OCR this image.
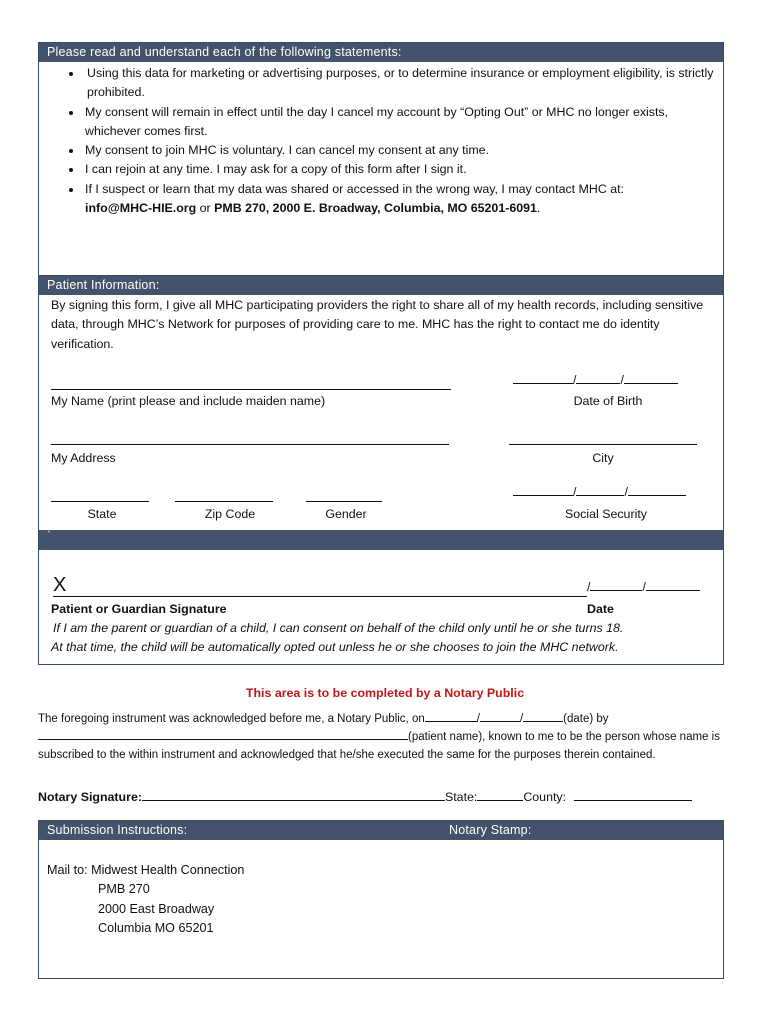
Please read and understand each of the following statements:
• Using this data for marketing or advertising purposes, or to determine insurance or employment eligibility, is strictly prohibited.
• My consent will remain in effect until the day I cancel my account by “Opting Out” or MHC no longer exists, whichever comes first.
• My consent to join MHC is voluntary. I can cancel my consent at any time.
• I can rejoin at any time. I may ask for a copy of this form after I sign it.
• If I suspect or learn that my data was shared or accessed in the wrong way, I may contact MHC at:
info@MHC-HIE.org or PMB 270, 2000 E. Broadway, Columbia, MO 65201-6091.
Patient Information:
By signing this form, I give all MHC participating providers the right to share all of my health records, including sensitive data, through MHC’s Network for purposes of providing care to me. MHC has the right to contact me do identity verification.
My Name (print please and include maiden name)
/	/
Date of Birth
My Address	City
State	Zip Code	Gender
/	/
Social Security
`
X	/	/
Patient or Guardian Signature	Date
If I am the parent or guardian of a child, I can consent on behalf of the child only until he or she turns 18.
At that time, the child will be automatically opted out unless he or she chooses to join the MHC network.
This area is to be completed by a Notary Public
The foregoing instrument was acknowledged before me, a Notary Public, on	/	/	(date) by
(patient name), known to me to be the person whose name is subscribed to the within instrument and acknowledged that he/she executed the same for the purposes therein contained.
Notary Signature:	State:	County:
Submission Instructions:	Notary Stamp:
Mail to: Midwest Health Connection
PMB 270
2000 East Broadway
Columbia MO 65201
